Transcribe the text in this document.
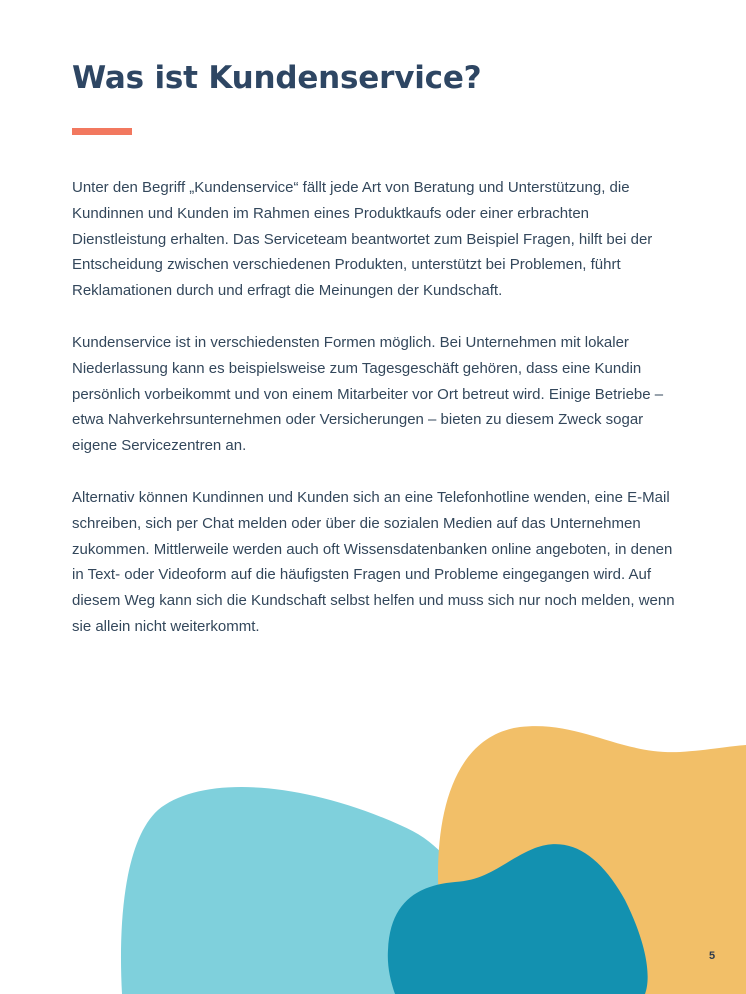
Was ist Kundenservice?

Unter den Begriff „Kundenservice“ fällt jede Art von Beratung und Unterstützung, die Kundinnen und Kunden im Rahmen eines Produktkaufs oder einer erbrachten Dienstleistung erhalten. Das Serviceteam beantwortet zum Beispiel Fragen, hilft bei der Entscheidung zwischen verschiedenen Produkten, unterstützt bei Problemen, führt Reklamationen durch und erfragt die Meinungen der Kundschaft.

Kundenservice ist in verschiedensten Formen möglich. Bei Unternehmen mit lokaler Niederlassung kann es beispielsweise zum Tagesgeschäft gehören, dass eine Kundin persönlich vorbeikommt und von einem Mitarbeiter vor Ort betreut wird. Einige Betriebe – etwa Nahverkehrsunternehmen oder Versicherungen – bieten zu diesem Zweck sogar eigene Servicezentren an.

Alternativ können Kundinnen und Kunden sich an eine Telefonhotline wenden, eine E-Mail schreiben, sich per Chat melden oder über die sozialen Medien auf das Unternehmen zukommen. Mittlerweile werden auch oft Wissensdatenbanken online angeboten, in denen in Text- oder Videoform auf die häufigsten Fragen und Probleme eingegangen wird. Auf diesem Weg kann sich die Kundschaft selbst helfen und muss sich nur noch melden, wenn sie allein nicht weiterkommt.

5
